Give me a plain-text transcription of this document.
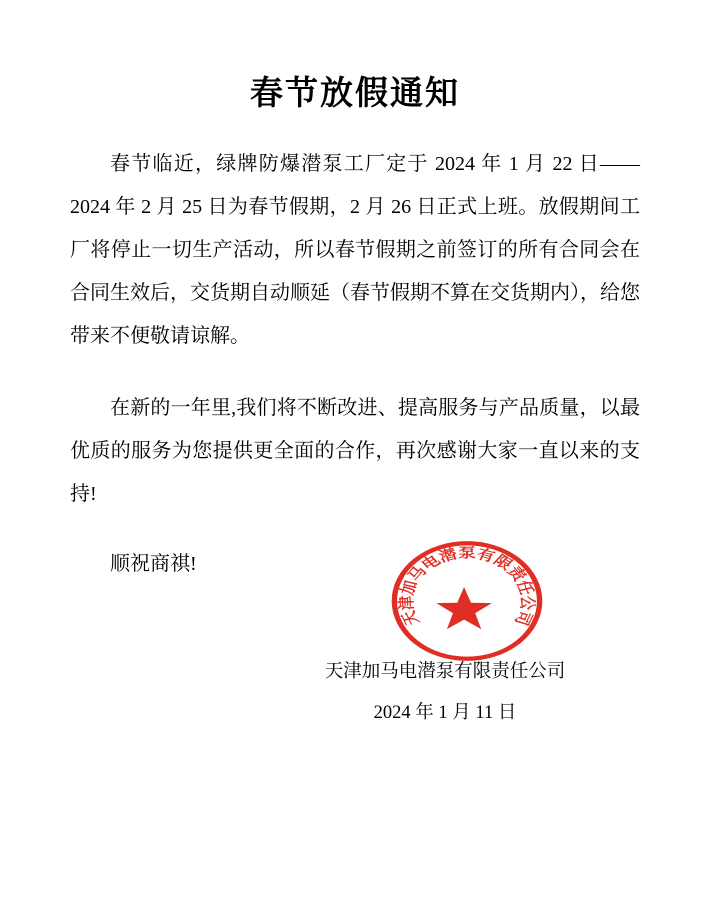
春节放假通知

春节临近，绿牌防爆潜泵工厂定于 2024 年 1 月 22 日——2024 年 2 月 25 日为春节假期，2 月 26 日正式上班。放假期间工厂将停止一切生产活动，所以春节假期之前签订的所有合同会在合同生效后，交货期自动顺延（春节假期不算在交货期内），给您带来不便敬请谅解。

在新的一年里,我们将不断改进、提高服务与产品质量，以最优质的服务为您提供更全面的合作，再次感谢大家一直以来的支持!

顺祝商祺!

天津加马电潜泵有限责任公司
2024 年 1 月 11 日
天津加马电潜泵有限责任公司
